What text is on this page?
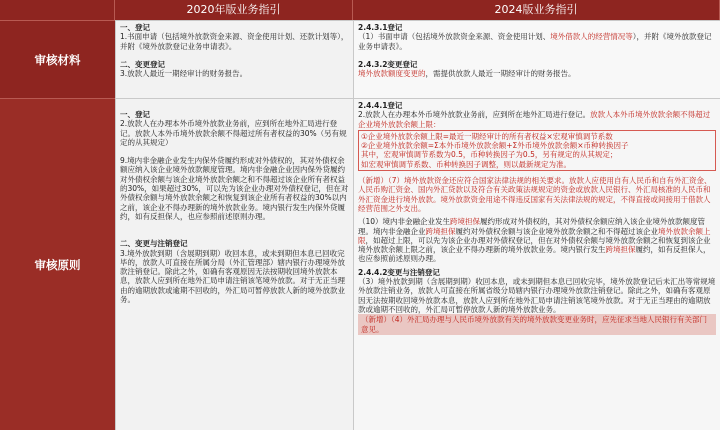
2020年版业务指引	2024版业务指引
审核材料

一、登记

1.书面申请（包括境外放款资金来源、资金使用计划、还款计划等），并附《境外放款登记业务申请表》。

二、变更登记

3.放款人最近一期经审计的财务报告。

2.4.3.1登记

（1）书面申请（包括境外放款资金来源、资金使用计划、境外借款人的经营情况等），并附《境外放款登记业务申请表》。

2.4.3.2变更登记

境外放款额度变更的，需提供放款人最近一期经审计的财务报告。

审核原则

一、登记

2.放款人在办理本外币境外放款业务前，应到所在地外汇局进行登记。放款人本外币境外放款余额不得超过所有者权益的30%（另有规定的从其规定）

9.境内非金融企业发生内保外贷履约形成对外债权的，其对外债权余额应纳入该企业境外放款额度管理。境内非金融企业因内保外贷履约对外债权余额与该企业境外放款余额之和不得超过该企业所有者权益的30%，如果超过30%，可以先为该企业办理对外债权登记，但在对外债权余额与境外放款余额之和恢复到该企业所有者权益的30%以内之前，该企业不得办理新的境外放款业务。境内银行发生内保外贷履约，如有反担保人，也应参照前述原则办理。

二、变更与注销登记

3.境外放款到期（含展期到期）收回本息，或未到期但本息已回收完毕的，放款人可直接在所属分局（外汇管理部）辖内银行办理境外放款注销登记。除此之外，如确有客观原因无法按期收回境外放款本息，放款人应到所在地外汇局申请注销该笔境外放款。对于无正当理由的逾期放款或逾期不回收的，外汇局可暂停放款人新的境外放款业务。

2.4.4.1登记

2.放款人在办理本外币境外放款业务前，应到所在地外汇局进行登记。放款人本外币境外放款余额不得超过企业境外放款余额上限：

①企业境外放款余额上限=最近一期经审计的所有者权益×宏观审慎调节系数

②企业境外放款余额=Σ本外币境外放款余额+Σ外币境外放款余额×币种转换因子

其中，宏观审慎调节系数为0.5，币种转换因子为0.5，另有规定的从其规定；

如宏观审慎调节系数、币种转换因子调整，则以最新规定为准。

（新增）（7）境外放款资金还应符合国家法律法规的相关要求。放款人应使用自有人民币和自有外汇资金、人民币购汇资金、国内外汇贷款以及符合有关政策法规规定的资金或放款人民银行、外汇局核准的人民币和外汇资金进行境外放款。境外放款资金用途不得违反国家有关法律法规的规定，不得直接或间接用于借款人经营范围之外支出。

（10）境内非金融企业发生跨境担保履约形成对外债权的，其对外债权余额应纳入该企业境外放款额度管理。境内非金融企业跨境担保履约对外债权余额与该企业境外放款余额之和不得超过该企业境外放款余额上限，如超过上限，可以先为该企业办理对外债权登记，但在对外债权余额与境外放款余额之和恢复到该企业境外放款余额上限之前，该企业不得办理新的境外放款业务。境内银行发生跨境担保履约，如有反担保人，也应参照前述原则办理。

2.4.4.2变更与注销登记

（3）境外放款到期（含展期到期）收回本息，或未到期但本息已回收完毕，境外放款登记后未汇出等常规境外放款注销业务，放款人可直接在所属省级分局辖内银行办理境外放款注销登记。除此之外，如确有客观原因无法按期收回境外放款本息，放款人应到所在地外汇局申请注销该笔境外放款。对于无正当理由的逾期放款或逾期不回收的，外汇局可暂停放款人新的境外放款业务。

（新增）（4）外汇局办理与人民币境外放款有关的境外放款变更业务时，应先征求当地人民银行有关部门意见。
